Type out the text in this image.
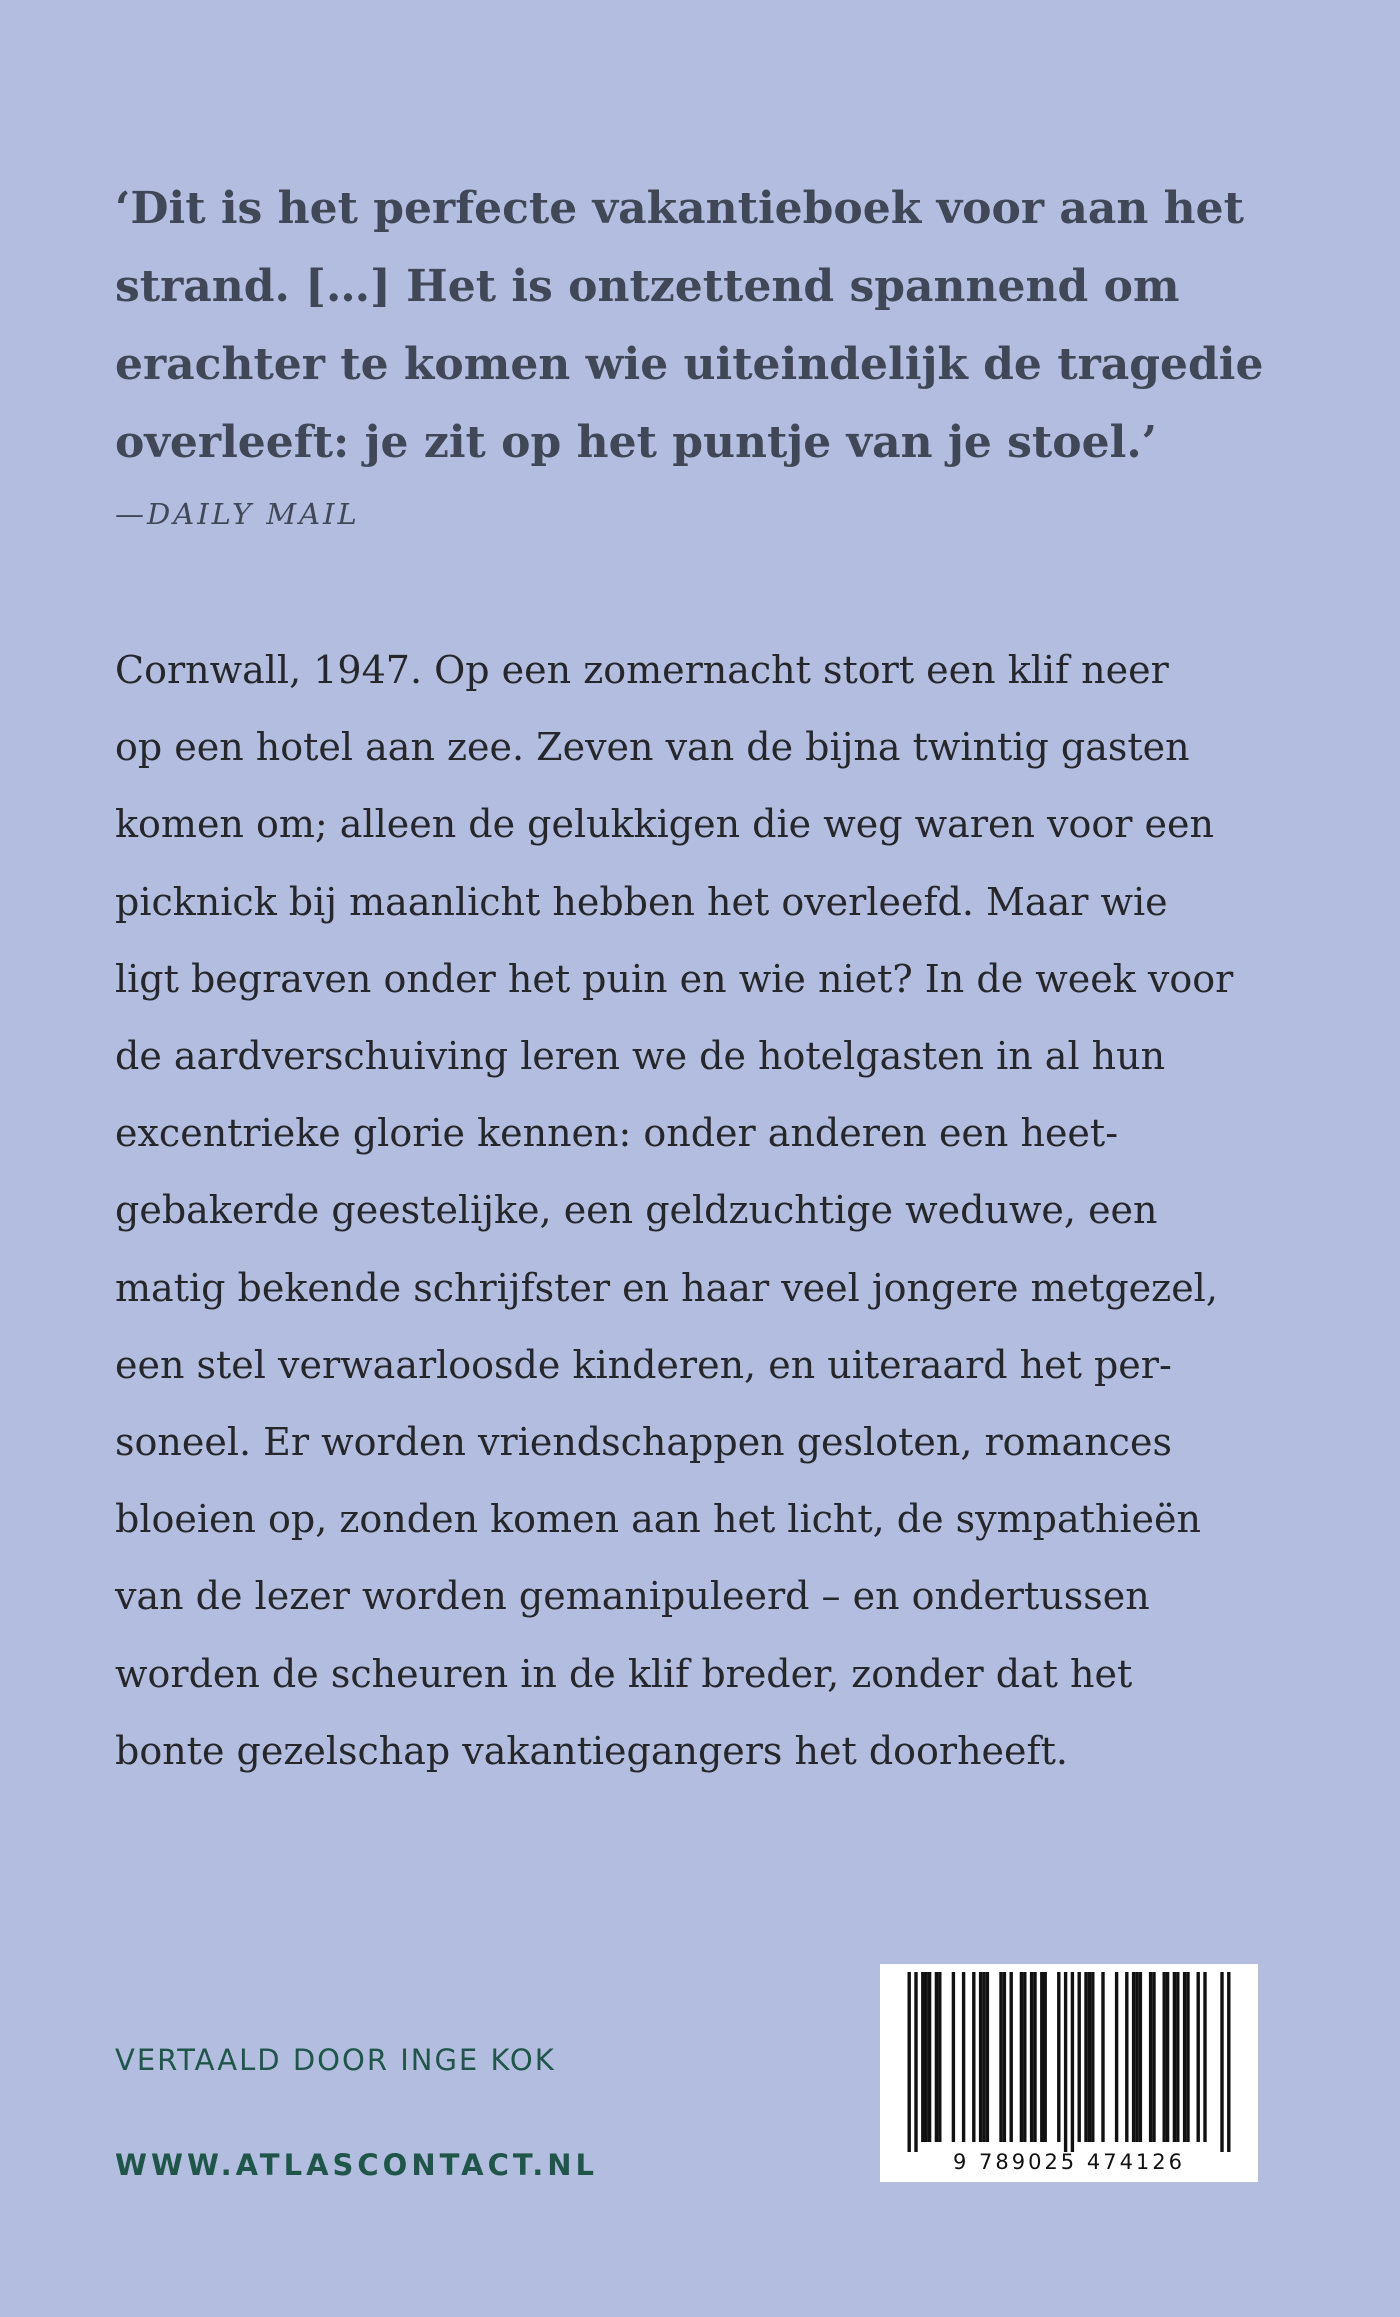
‘Dit is het perfecte vakantieboek voor aan het
strand. […] Het is ontzettend spannend om
erachter te komen wie uiteindelijk de tragedie
overleeft: je zit op het puntje van je stoel.’
—DAILY MAIL
Cornwall, 1947. Op een zomernacht stort een klif neer
op een hotel aan zee. Zeven van de bijna twintig gasten
komen om; alleen de gelukkigen die weg waren voor een
picknick bij maanlicht hebben het overleefd. Maar wie
ligt begraven onder het puin en wie niet? In de week voor
de aardverschuiving leren we de hotelgasten in al hun
excentrieke glorie kennen: onder anderen een heet-
gebakerde geestelijke, een geldzuchtige weduwe, een
matig bekende schrijfster en haar veel jongere metgezel,
een stel verwaarloosde kinderen, en uiteraard het per-
soneel. Er worden vriendschappen gesloten, romances
bloeien op, zonden komen aan het licht, de sympathieën
van de lezer worden gemanipuleerd – en ondertussen
worden de scheuren in de klif breder, zonder dat het
bonte gezelschap vakantiegangers het doorheeft.
VERTAALD DOOR INGE KOK
WWW.ATLASCONTACT.NL	9 789025 474126
